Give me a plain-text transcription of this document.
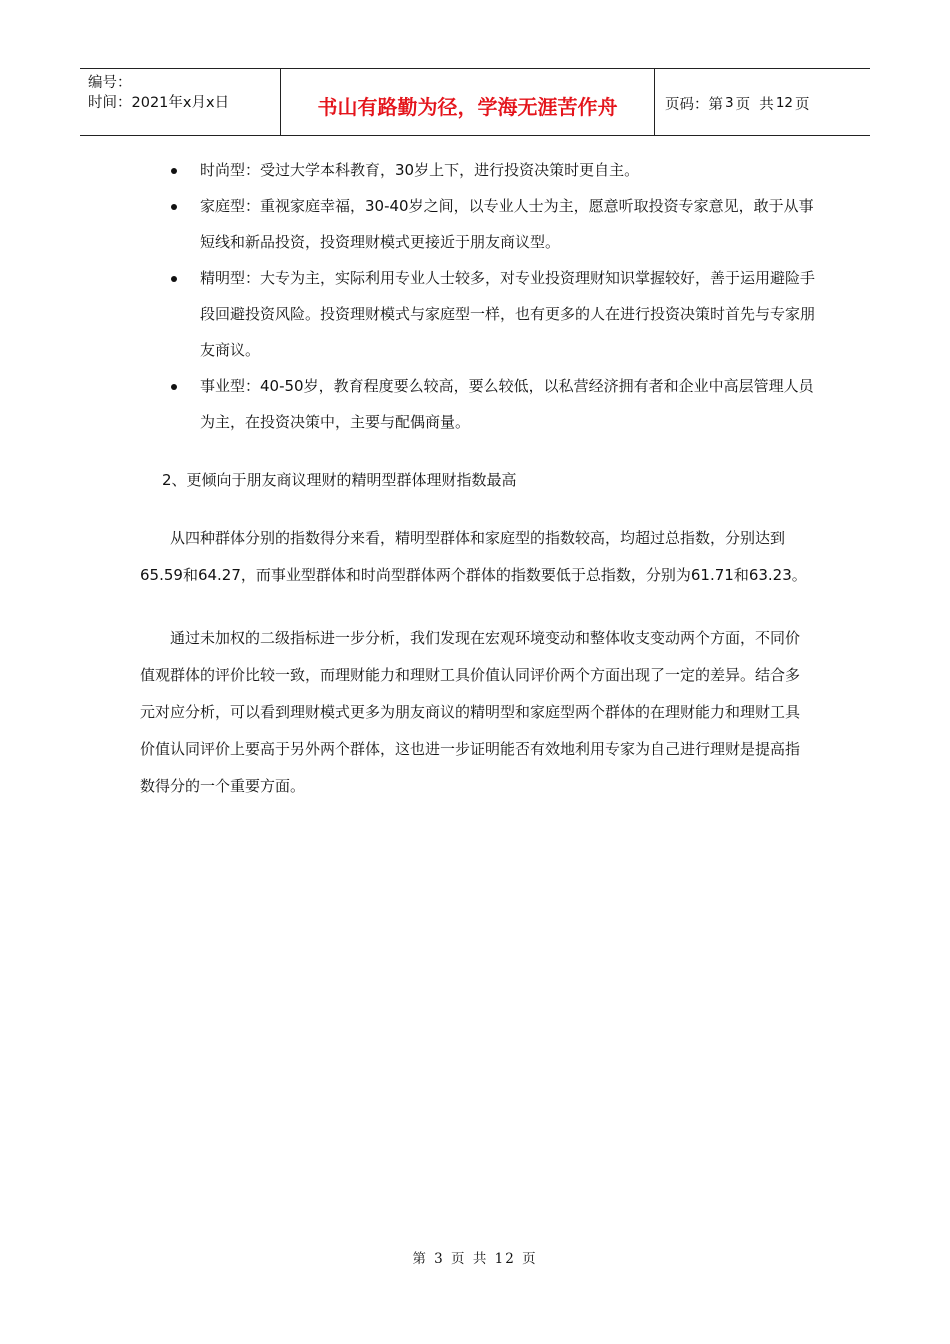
编号：
时间：2021年x月x日	书山有路勤为径，学海无涯苦作舟	页码：第 3 页  共 12 页
时尚型：受过大学本科教育，30岁上下，进行投资决策时更自主。
家庭型：重视家庭幸福，30-40岁之间，以专业人士为主，愿意听取投资专家意见，敢于从事短线和新品投资，投资理财模式更接近于朋友商议型。
精明型：大专为主，实际利用专业人士较多，对专业投资理财知识掌握较好，善于运用避险手段回避投资风险。投资理财模式与家庭型一样，也有更多的人在进行投资决策时首先与专家朋友商议。
事业型：40-50岁，教育程度要么较高，要么较低，以私营经济拥有者和企业中高层管理人员为主，在投资决策中，主要与配偶商量。
2、更倾向于朋友商议理财的精明型群体理财指数最高
从四种群体分别的指数得分来看，精明型群体和家庭型的指数较高，均超过总指数，分别达到65.59和64.27，而事业型群体和时尚型群体两个群体的指数要低于总指数，分别为61.71和63.23。
通过未加权的二级指标进一步分析，我们发现在宏观环境变动和整体收支变动两个方面，不同价值观群体的评价比较一致，而理财能力和理财工具价值认同评价两个方面出现了一定的差异。结合多元对应分析，可以看到理财模式更多为朋友商议的精明型和家庭型两个群体的在理财能力和理财工具价值认同评价上要高于另外两个群体，这也进一步证明能否有效地利用专家为自己进行理财是提高指数得分的一个重要方面。
第 3 页 共 12 页
